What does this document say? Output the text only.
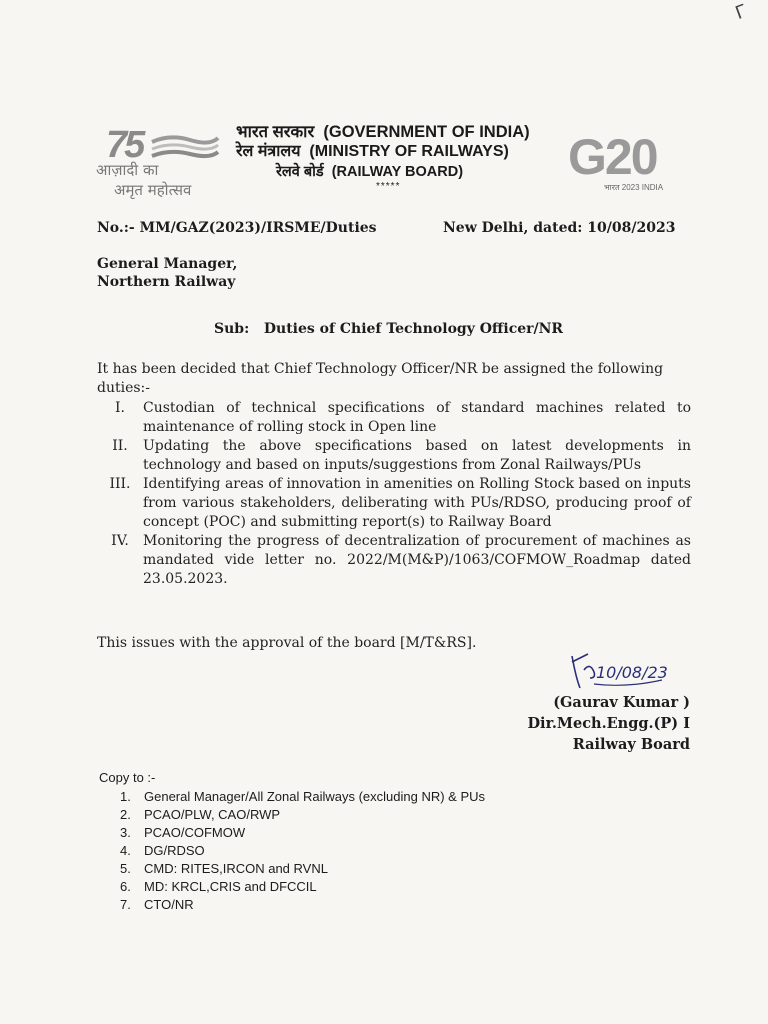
ᒥ
75
आज़ादी का
अमृत महोत्सव
भारत सरकार (GOVERNMENT OF INDIA)
रेल मंत्रालय (MINISTRY OF RAILWAYS)
रेलवे बोर्ड (RAILWAY BOARD)
*****
G20
भारत 2023 INDIA
No.:- MM/GAZ(2023)/IRSME/Duties	New Delhi, dated: 10/08/2023
General Manager,
Northern Railway
Sub:   Duties of Chief Technology Officer/NR
It has been decided that Chief Technology Officer/NR be assigned the following duties:-
I.	Custodian of technical specifications of standard machines related to maintenance of rolling stock in Open line
II.	Updating the above specifications based on latest developments in technology and based on inputs/suggestions from Zonal Railways/PUs
III. Identifying areas of innovation in amenities on Rolling Stock based on inputs from various stakeholders, deliberating with PUs/RDSO, producing proof of concept (POC) and submitting report(s) to Railway Board
IV.	Monitoring the progress of decentralization of procurement of machines as mandated vide letter no. 2022/M(M&P)/1063/COFMOW_Roadmap dated 23.05.2023.
This issues with the approval of the board [M/T&RS].
10/08/23
(Gaurav Kumar )
Dir.Mech.Engg.(P) I
Railway Board
Copy to :-
1.	General Manager/All Zonal Railways (excluding NR) & PUs
2.	PCAO/PLW, CAO/RWP
3.	PCAO/COFMOW
4.	DG/RDSO
5.	CMD: RITES,IRCON and RVNL
6.	MD: KRCL,CRIS and DFCCIL
7.	CTO/NR
